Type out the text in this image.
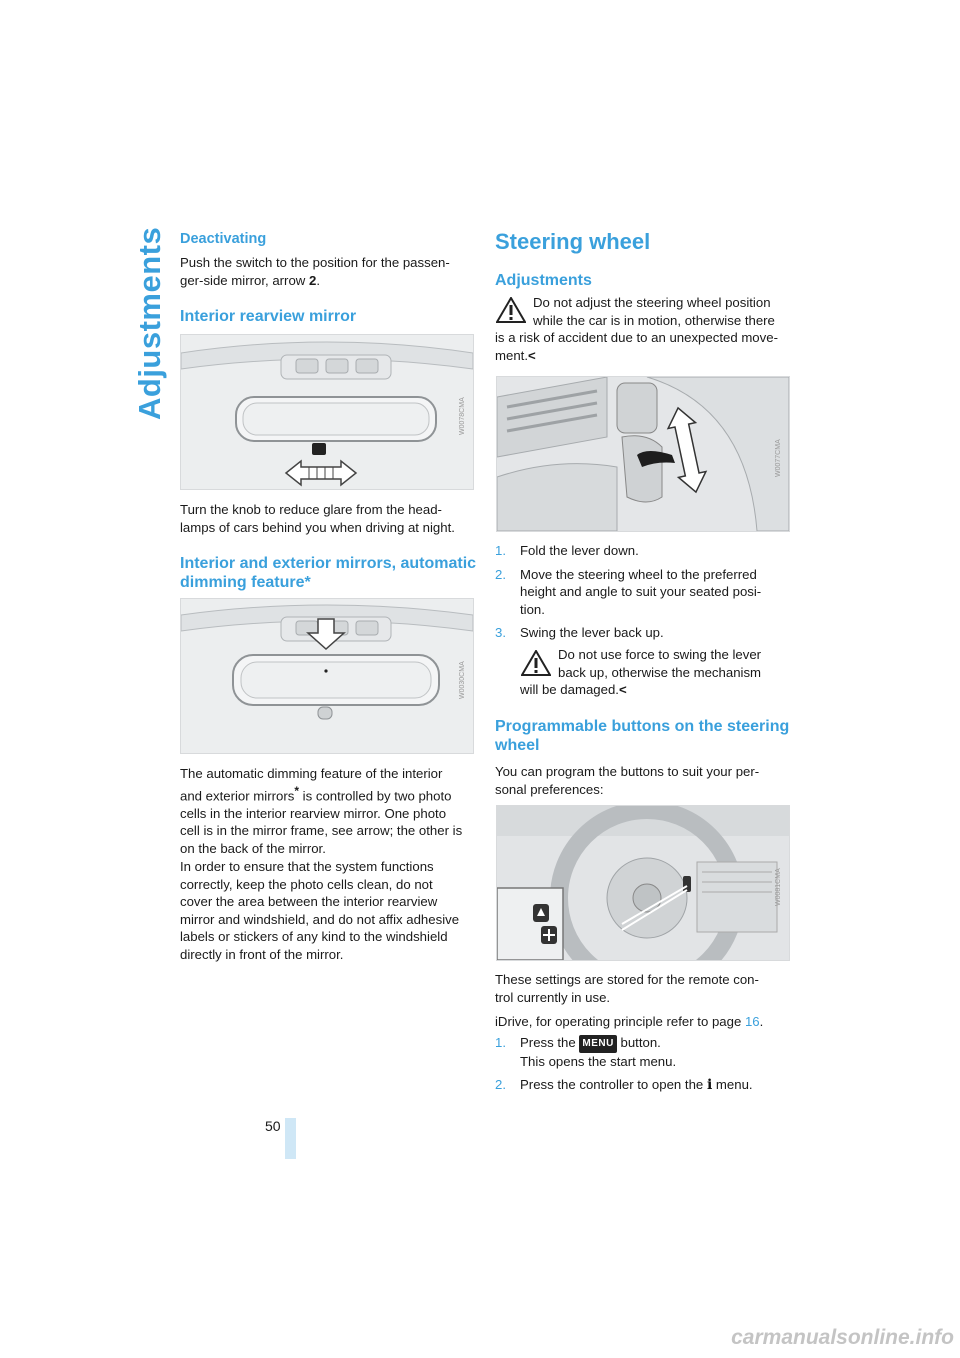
Adjustments Deactivating
Push the switch to the position for the passen-
ger-side mirror, arrow 2.
Interior rearview mirror
W0078CMA
Turn the knob to reduce glare from the head-
lamps of cars behind you when driving at night.
Interior and exterior mirrors, automatic
dimming feature*
W0030CMA
The automatic dimming feature of the interior
and exterior mirrors* is controlled by two photo
cells in the interior rearview mirror. One photo
cell is in the mirror frame, see arrow; the other is
on the back of the mirror.
In order to ensure that the system functions
correctly, keep the photo cells clean, do not
cover the area between the interior rearview
mirror and windshield, and do not affix adhesive
labels or stickers of any kind to the windshield
directly in front of the mirror.
Steering wheel
Adjustments
Do not adjust the steering wheel position
while the car is in motion, otherwise there
is a risk of accident due to an unexpected move-
ment.<
W0077CMA
1. Fold the lever down.
2. Move the steering wheel to the preferred
height and angle to suit your seated posi-
tion.
3. Swing the lever back up.
Do not use force to swing the lever
back up, otherwise the mechanism
will be damaged.<
Programmable buttons on the steering
wheel
You can program the buttons to suit your per-
sonal preferences:
W0081CMA
These settings are stored for the remote con-
trol currently in use.
iDrive, for operating principle refer to page 16.
1. Press the MENU button.
This opens the start menu.
2. Press the controller to open the i menu.
50
carmanualsonline.info
